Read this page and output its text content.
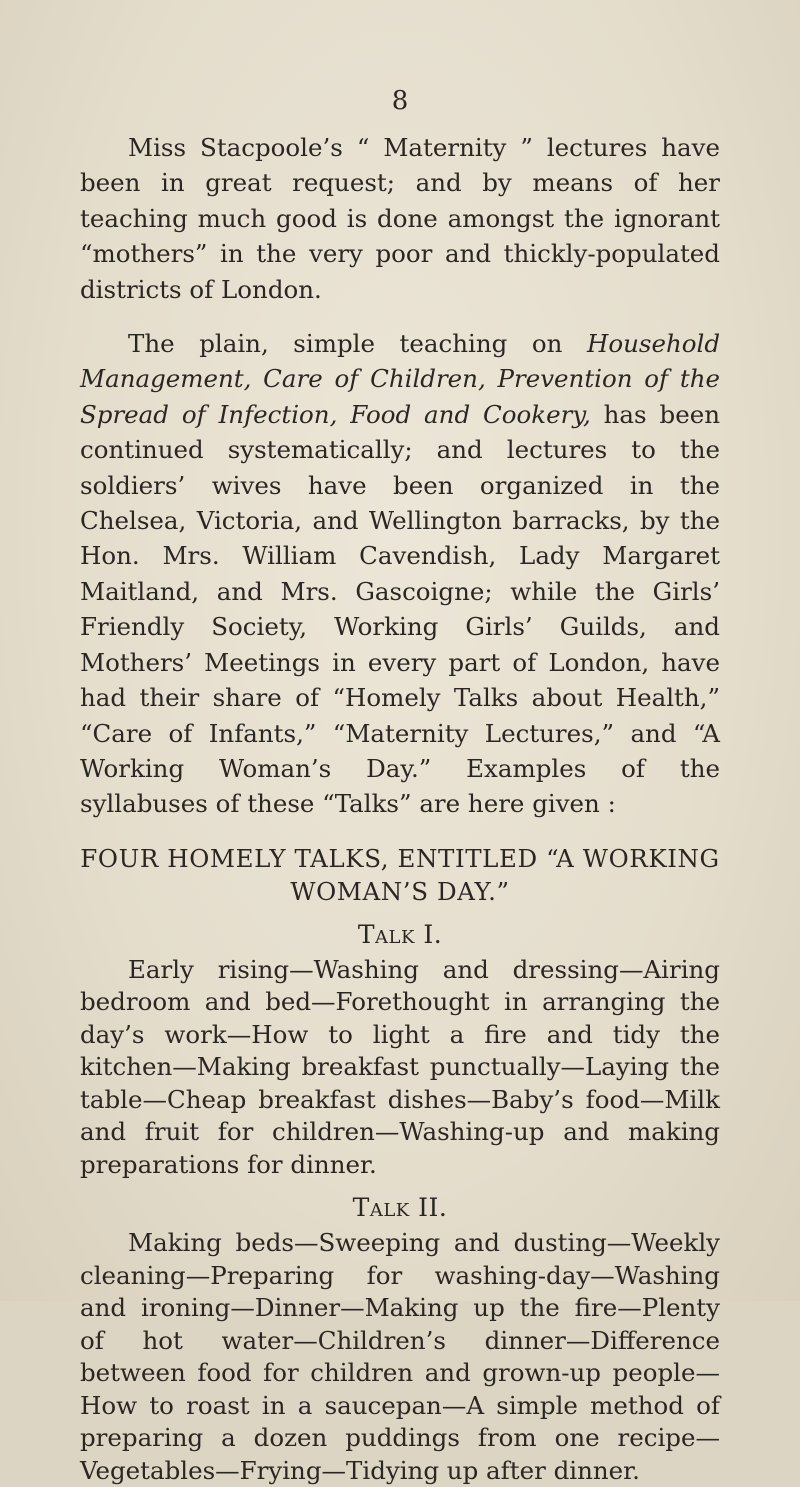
8

Miss Stacpoole’s “ Maternity ” lectures have been in great request; and by means of her teaching much good is done amongst the ignorant “mothers” in the very poor and thickly-populated districts of London.

The plain, simple teaching on Household Management, Care of Children, Prevention of the Spread of Infection, Food and Cookery, has been continued systematically; and lectures to the soldiers’ wives have been organized in the Chelsea, Victoria, and Wellington barracks, by the Hon. Mrs. William Cavendish, Lady Margaret Maitland, and Mrs. Gascoigne; while the Girls’ Friendly Society, Working Girls’ Guilds, and Mothers’ Meetings in every part of London, have had their share of “Homely Talks about Health,” “Care of Infants,” “Maternity Lectures,” and “A Working Woman’s Day.” Examples of the syllabuses of these “Talks” are here given :

FOUR HOMELY TALKS, ENTITLED “A WORKING WOMAN’S DAY.”

Talk I.

Early rising—Washing and dressing—Airing bedroom and bed—Forethought in arranging the day’s work—How to light a fire and tidy the kitchen—Making breakfast punctually—Laying the table—Cheap breakfast dishes—Baby’s food—Milk and fruit for children—Washing-up and making preparations for dinner.

Talk II.

Making beds—Sweeping and dusting—Weekly cleaning—Preparing for washing-day—Washing and ironing—Dinner—Making up the fire—Plenty of hot water—Children’s dinner—Difference between food for children and grown-up people—How to roast in a saucepan—A simple method of preparing a dozen puddings from one recipe—Vegetables—Frying—Tidying up after dinner.
